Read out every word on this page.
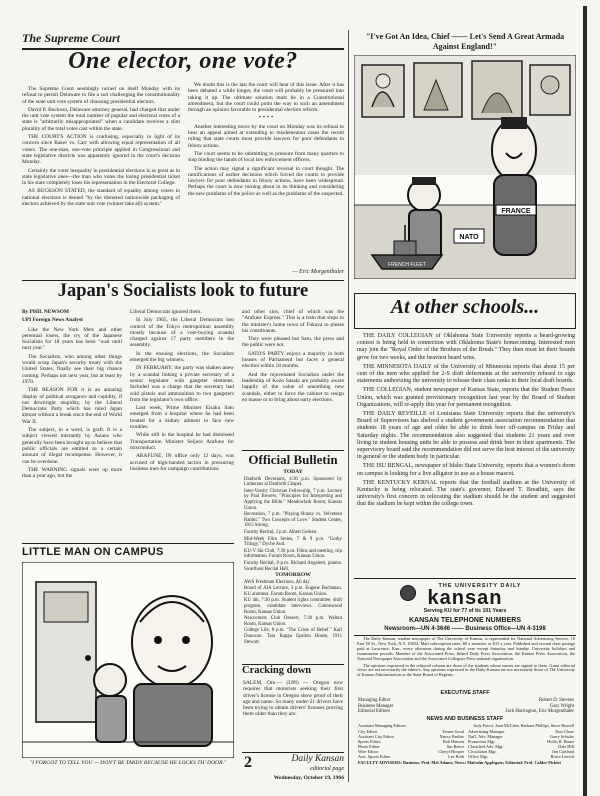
The Supreme Court
One elector, one vote?

The Supreme Court seemingly turned on itself Monday with its refusal to permit Delaware to file a suit challenging the constitutionality of the state unit vote system of choosing presidential electors.

David P. Buckson, Delaware attorney general, had charged that under the unit vote system the total number of popular and electoral votes of a state is "arbitrarily misappropriated" when a candidate receives a slim plurality of the total votes cast within the state.

THE COURT'S ACTION is confusing, especially in light of its concern since Baker vs. Carr with allowing equal representation of all voters. The one-man, one-vote principle applied in Congressional and state legislative districts was apparently ignored in the court's decision Monday.

Certainly the voter inequality in presidential elections is as great as in state legislative ones—the man who votes the losing presidential ticket in his state completely loses his representation in the Electoral College.

AS BUCKSON STATED, the standard of equality among voters in national elections is denied "by the distorted nationwide packaging of electors achieved by the state unit vote (winner take all) system."

We doubt this is the last the court will hear of this issue. After it has been debated a while longer, the court will probably be pressured into taking it up. The ultimate solution must lie in a Constitutional amendment, but the court could point the way to such an amendment through an opinion favorable to presidential election reform.

* * * *

Another interesting move by the court on Monday was its refusal to hear an appeal aimed at extending to misdemeanor cases the recent ruling that state courts must provide lawyers for poor defendants in felony actions.

The court seems to be submitting to pressure from many quarters to stop binding the hands of local law enforcement officers.

The action may signal a significant reversal in court thought. The ramifications of earlier decisions which forced the courts to provide lawyers for poor defendants in felony actions, have been widespread. Perhaps the court is now turning about in its thinking and considering the new problems of the police as well as the problems of the suspected.

— Eric Morgenthaler
"I've Got An Idea, Chief —— Let's Send A Great Armada Against England!"
FRANCE
FRENCH FLEET
NATO
Japan's Socialists look to future

By PHIL NEWSOM

UPI Foreign News Analyst

Like the New York Mets and other perennial losers, the cry of the Japanese Socialists for 18 years has been "wait until next year."

The Socialists, who among other things would scrap Japan's security treaty with the United States, finally see their big chance coming. Perhaps not next year, but at least by 1970.

THE REASON FOR it is an amazing display of political arrogance and cupidity, if not downright stupidity, by the Liberal Democratic Party which has ruled Japan almost without a break since the end of World War II.

The subject, in a word, is graft. It is a subject viewed tolerantly by Asians who generally have been brought up to believe that public officials are entitled to a certain amount of illegal recompense. However, it can be overdone.

THE WARNING signals went up more than a year ago, but the

Liberal Democrats ignored them.

In July 1965, the Liberal Democrats lost control of the Tokyo metropolitan assembly mostly because of a vote-buying scandal charged against 17 party members in the assembly.

In the ensuing elections, the Socialists emerged the big winners.

IN FEBRUARY, the party was shaken anew by a scandal linking a private secretary of a senior legislator with gangster elements. Included was a charge that the secretary had sold pistols and ammunition to two gangsters from the legislator's own office.

Last week, Prime Minister Eisaku Sato emerged from a hospital where he had been treated for a kidney ailment to face new troubles.

While still in the hospital he had dismissed Transportation Minister Seijuro Arafune for misconduct.

ARAFUNE, IN office only 12 days, was accused of high-handed tactics in pressuring business men for campaign contributions

and other sins, chief of which was the "Arafune Express." This is a train that stops in the minister's home town of Fukaya to please his constituents.

They were pleased but Sato, the press and the public were not.

SATO'S PARTY enjoys a majority in both houses of Parliament but faces a general election within 18 months.

And the rejuvenated Socialists under the leadership of Kozo Sasaki are probably aware happily of the value of unearthing new scandals, either to force the cabinet to resign en masse or to bring about early elections.

At other schools...

THE DAILY COLLEGIAN of Oklahoma State University reports a beard-growing contest is being held in connection with Oklahoma State's homecoming. Interested men may join the "Royal Order of the Brothers of the Brush." They then must let their beards grow for two weeks, and the heaviest beard wins.

THE MINNESOTA DAILY of the University of Minnesota reports that about 15 per cent of the men who applied for 2-S draft deferments at the university refused to sign statements authorizing the university to release their class ranks to their local draft boards.

THE COLLEGIAN, student newspaper of Kansas State, reports that the Student Peace Union, which was granted provisionary recognition last year by the Board of Student Organizations, will re-apply this year for permanent recognition.

THE DAILY REVEILLE of Louisiana State University reports that the university's Board of Supervisors has shelved a student government association recommendation that students 18 years of age and older be able to drink beer off-campus on Friday and Saturday nights. The recommendation also suggested that students 21 years and over living in student housing units be able to possess and drink beer in their apartments. The supervisory board said the recommendation did not serve the best interest of the university in general or the student body in particular.

THE ISU BENGAL, newspaper of Idaho State University, reports that a women's dorm on campus is looking for a live alligator to use as a house mascot.

THE KENTUCKY KERNAL reports that the football stadium at the University of Kentucky is being relocated. The state's governor, Edward T. Breathitt, says the university's first concern in relocating the stadium should be the student and suggested that the stadium be kept within the college town.

LITTLE MAN ON CAMPUS
"I FORGOT TO TELL YOU — DON'T BE TARDY BECAUSE HE LOCKS TH' DOOR."
Official Bulletin

TODAY

Danforth Devotions, 4:30 p.m. Sponsored by Lutherans at Danforth Chapel.

Inter-Varsity Christian Fellowship, 7 p.m. Lecture by Paul Bowers, "Principles for Interpreting and Applying the Bible." Meadowlark Room, Kansas Union.

Recreation, 7 p.m. "Playing Bunny vs. Velveteen Rabbit." Two Concepts of Love." Student Center, 1815 Strong.

Faculty Recital, 2 p.m. Albert Gerken.

Mid-Week Film Series, 7 & 9 p.m. "Gorky Trilogy." Dyche Aud.

KU-Y Ski Club, 7:30 p.m. Films and meeting, trip information. Forum Room, Kansas Union.

Faculty Recital, 8 p.m. Richard Angeletti, pianist. Swarthout Recital Hall.

TOMORROW

AWS Freshman Elections, All day.

Board of AIA Lecture, 3 p.m. Eugene Buchanan. KU alumnus. Forum Room, Kansas Union.

KU 4th, 7:30 p.m. Student rights committee, draft program, candidate interviews. Cottonwood Room, Kansas Union.

Newcomers Club Dessert, 7:30 p.m. Walnut Room, Kansas Union.

College Life, 8 p.m. "The Crisis of Belief." Karl Donovan. Tara Kappa Epsilon House, 1911 Stewart.

Cracking down

SALEM, Ore.— (UPI) — Oregon now requires that motorists seeking their first driver's license in Oregon show proof of their age and name. So many under-21 drivers have been trying to obtain drivers' licenses proving them older than they are.

2	Daily Kansan
editorial page
Wednesday, October 19, 1966
THE UNIVERSITY DAILY
kansan
Serving KU for 77 of its 101 Years
KANSAN TELEPHONE NUMBERS
Newsroom—UN 4-3646 —— Business Office—UN 4-3198

The Daily Kansan, student newspaper of The University of Kansas, is represented for National Advertising Service, 18 East 50 St., New York, N.Y. 10022. Mail subscription rates: $8 a semester or $15 a year. Published and second class postage paid at Lawrence, Kan., every afternoon during the school year except Saturday and Sunday. University holidays and examination periods. Member of the Associated Press, Inland Daily Press Association, the Kansas Press Association, the National Newspaper Association and the Associated Collegiate Press national organization.

The opinions expressed in the editorial column are those of the students whose names are signed to them. Guest editorial views are not necessarily the editor's. Any opinions expressed in the Daily Kansan are not necessarily those of The University of Kansas Administration or the State Board of Regents.

EXECUTIVE STAFF
Managing Editor	Robert D. Stevens
Business Manager	Gary Wright
Editorial Editors	Jack Harrington, Eric Morgenthaler
NEWS AND BUSINESS STAFF
Assistant Managing Editors	Judy Fawst, Joan McCabe, Barbara Phillips, Steve Russell
City Editor	Ernest Good
Assistant City Editor	Nancy Paulter
Sports Editor	Bob Hansen
Photo Editor	Jim Reece
Wire Editor	Cheryl Hooper
Asst. Sports Editor	Lee Roth
Advertising Manager	Tom Chow
Nat'l. Adv. Manager	Garry Schuler
Promotion Mgr.	Hollis R. Bauer
Classified Adv. Mgr.	Dale Hill
Circulation Mgr.	Jim Cartland
Office Mgr.	Bruce Leevitt
FACULTY ADVISERS: Business: Prof. Mel Adams; News: Malcolm Applegate; Editorial: Prof. Calder Pickett
